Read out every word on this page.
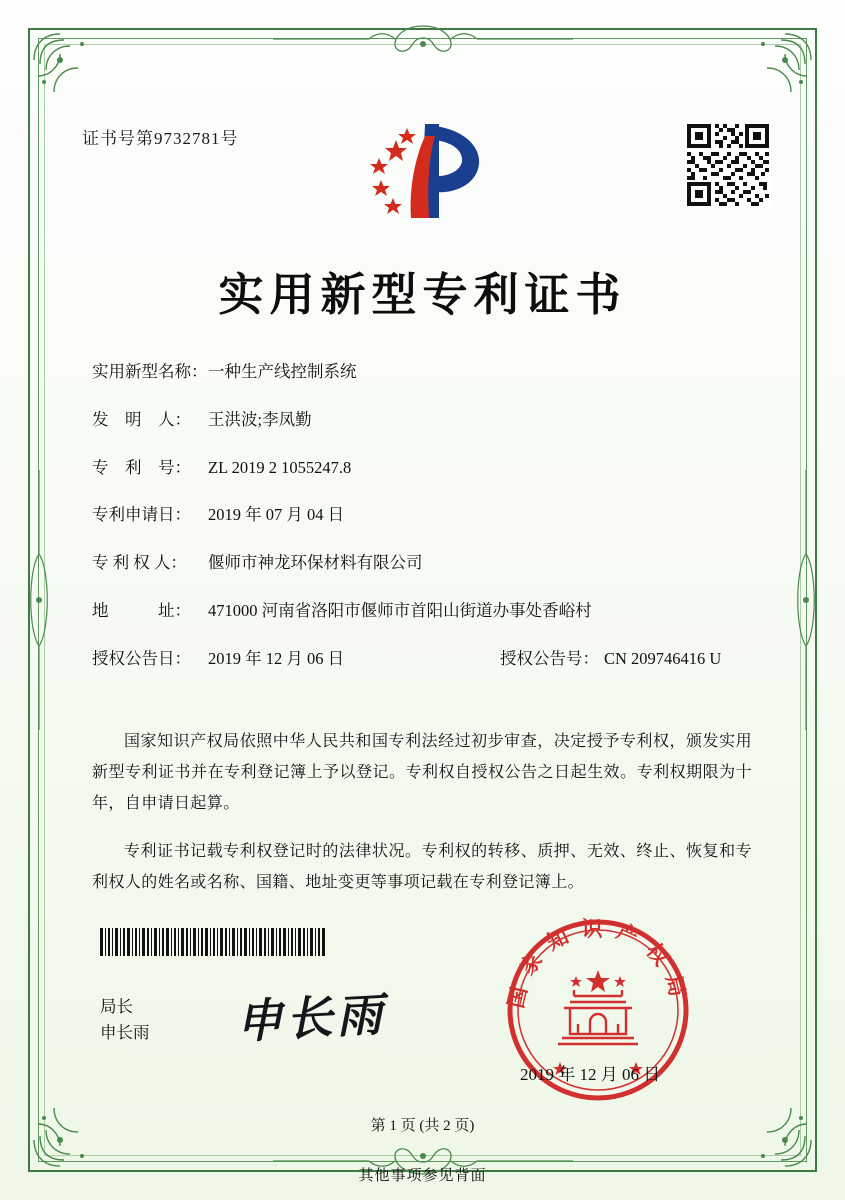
证书号第9732781号
实用新型专利证书
实用新型名称： 一种生产线控制系统
发　明　人：	王洪波;李凤勤
专　利　号：	ZL 2019 2 1055247.8
专利申请日：	2019 年 07 月 04 日
专 利 权 人：	偃师市神龙环保材料有限公司
地　　　址：	471000 河南省洛阳市偃师市首阳山街道办事处香峪村
授权公告日：	2019 年 12 月 06 日	授权公告号： CN 209746416 U

国家知识产权局依照中华人民共和国专利法经过初步审查，决定授予专利权，颁发实用新型专利证书并在专利登记簿上予以登记。专利权自授权公告之日起生效。专利权期限为十年，自申请日起算。

专利证书记载专利权登记时的法律状况。专利权的转移、质押、无效、终止、恢复和专利权人的姓名或名称、国籍、地址变更等事项记载在专利登记簿上。

局长
申长雨 申长雨	国家知识产权局
2019 年 12 月 06 日
第 1 页 (共 2 页)
其他事项参见背面
